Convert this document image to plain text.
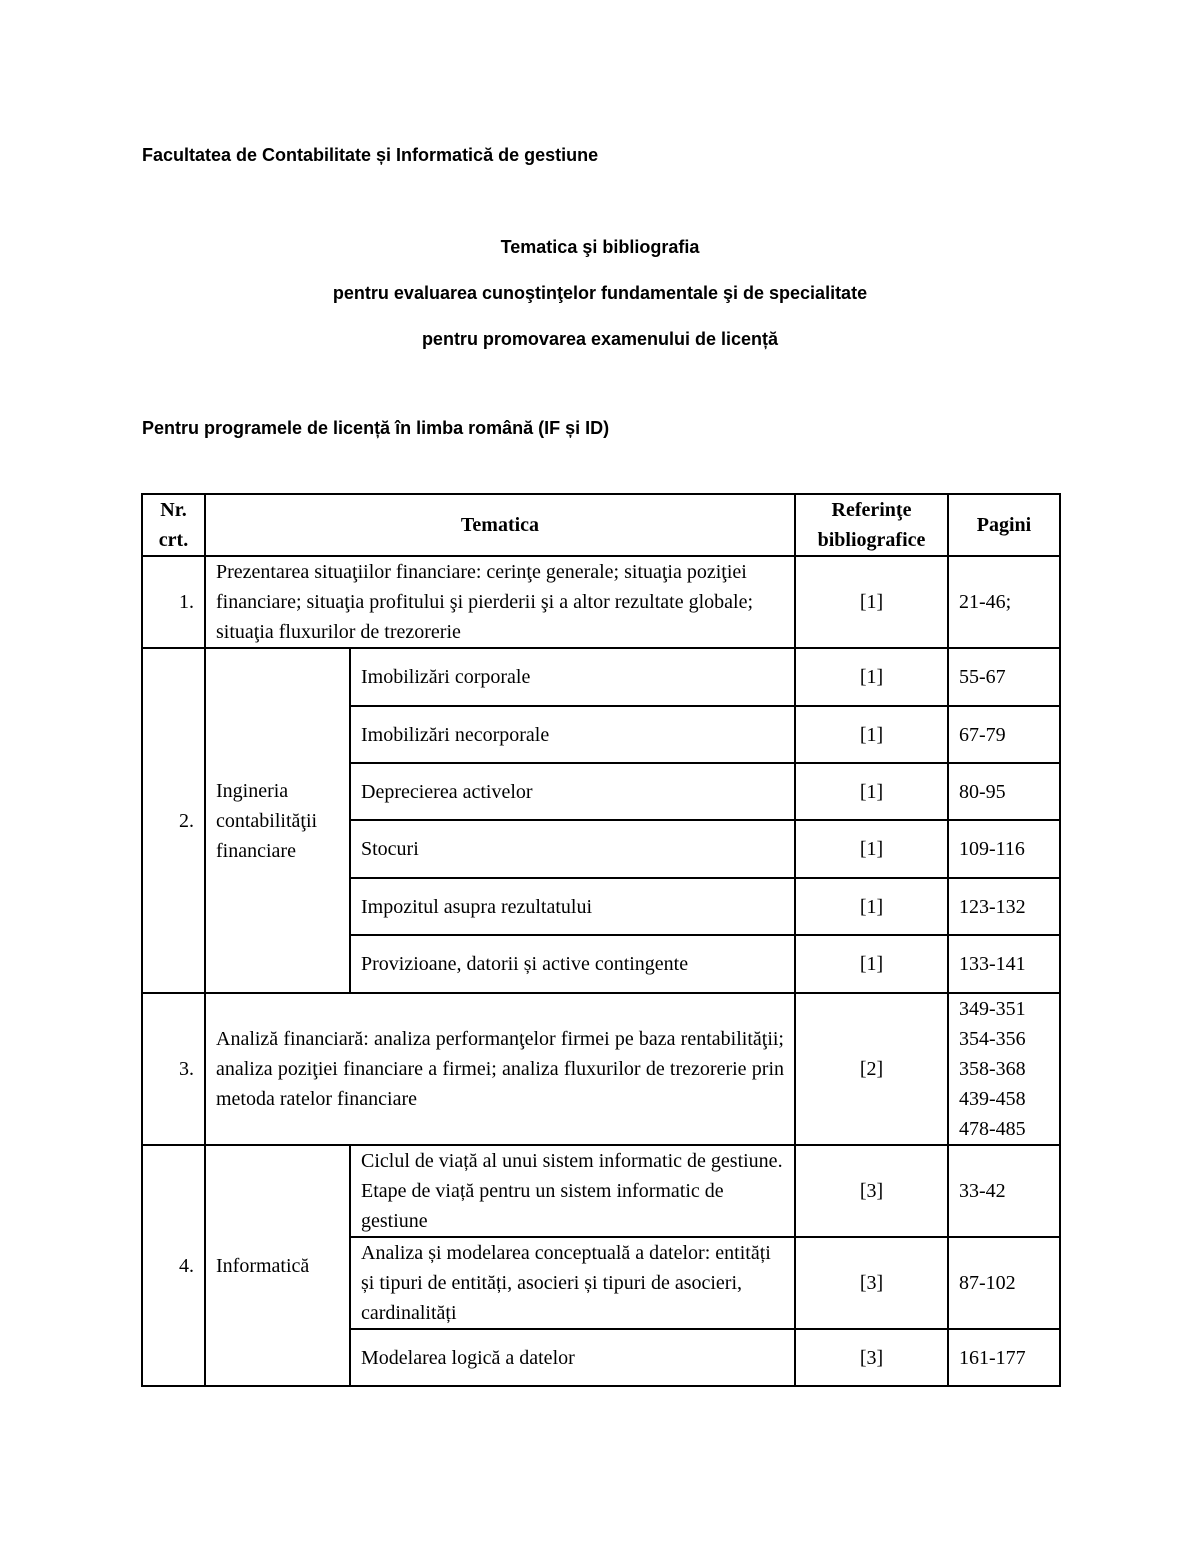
Facultatea de Contabilitate și Informatică de gestiune

Tematica şi bibliografia
pentru evaluarea cunoştinţelor fundamentale şi de specialitate
pentru promovarea examenului de licență

Pentru programele de licență în limba română (IF și ID)

Nr. crt.	Tematica		Referinţe bibliografice	Pagini
1.	Prezentarea situaţiilor financiare: cerinţe generale; situaţia poziţiei financiare; situaţia profitului şi pierderii şi a altor rezultate globale; situaţia fluxurilor de trezorerie		[1]	21-46;
2.	Ingineria contabilităţii financiare	Imobilizări corporale	[1]	55-67
		Imobilizări necorporale	[1]	67-79
		Deprecierea activelor	[1]	80-95
		Stocuri	[1]	109-116
		Impozitul asupra rezultatului	[1]	123-132
		Provizioane, datorii și active contingente	[1]	133-141
3.	Analiză financiară: analiza performanţelor firmei pe baza rentabilităţii; analiza poziţiei financiare a firmei; analiza fluxurilor de trezorerie prin metoda ratelor financiare		[2]	349-351
354-356
358-368
439-458
478-485

4.	Informatică	Ciclul de viață al unui sistem informatic de gestiune. Etape de viață pentru un sistem informatic de gestiune	[3]	33-42
		Analiza și modelarea conceptuală a datelor: entități și tipuri de entități, asocieri și tipuri de asocieri, cardinalități	[3]	87-102
		Modelarea logică a datelor	[3]	161-177
